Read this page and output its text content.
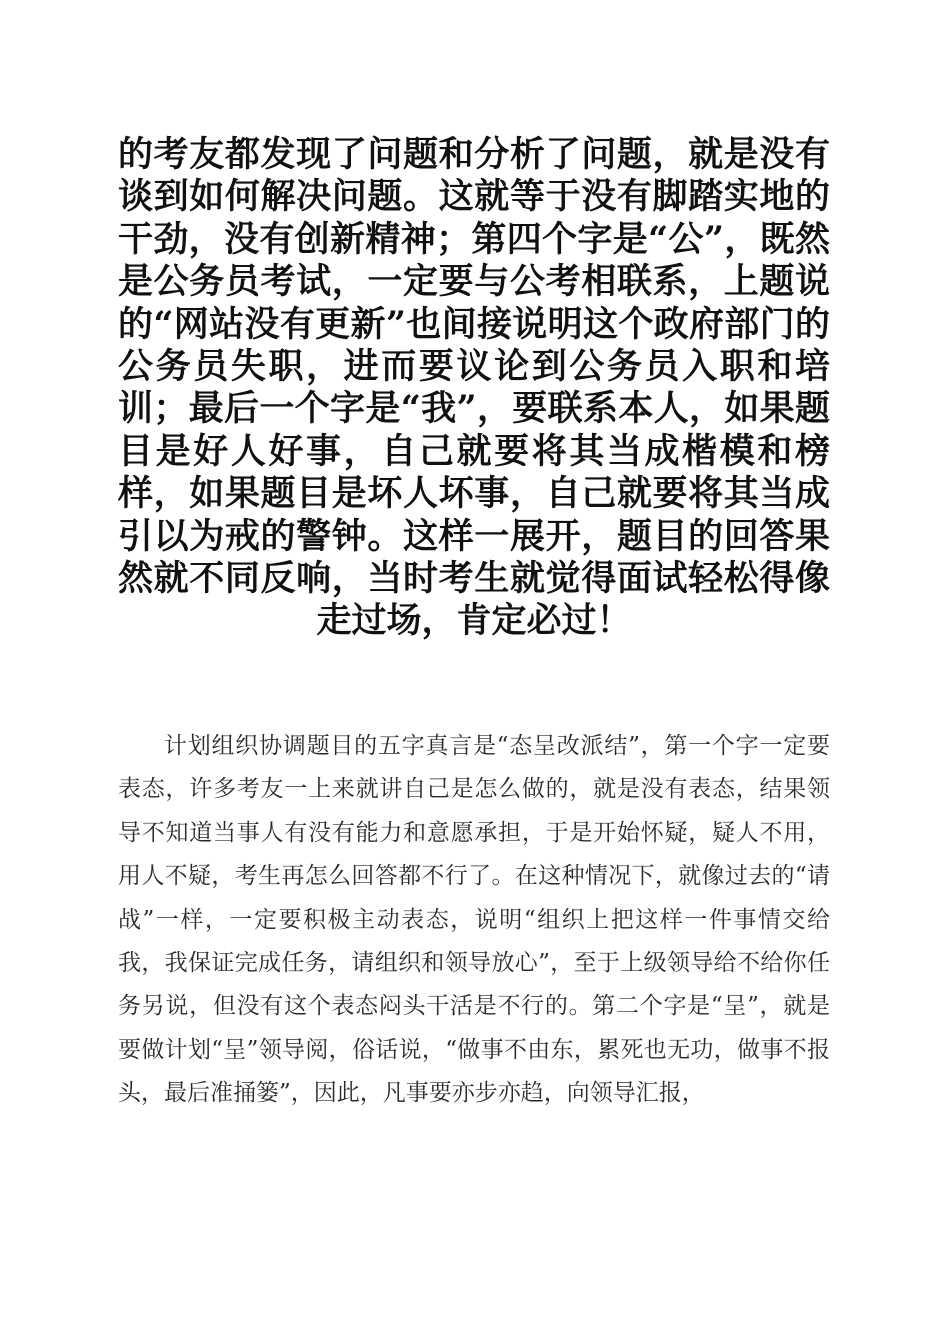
的考友都发现了问题和分析了问题，就是没有谈到如何解决问题。这就等于没有脚踏实地的干劲，没有创新精神；第四个字是“公”，既然是公务员考试，一定要与公考相联系，上题说的“网站没有更新”也间接说明这个政府部门的公务员失职，进而要议论到公务员入职和培训；最后一个字是“我”，要联系本人，如果题目是好人好事，自己就要将其当成楷模和榜样，如果题目是坏人坏事，自己就要将其当成引以为戒的警钟。这样一展开，题目的回答果然就不同反响，当时考生就觉得面试轻松得像走过场，肯定必过！

计划组织协调题目的五字真言是“态呈改派结”，第一个字一定要表态，许多考友一上来就讲自己是怎么做的，就是没有表态，结果领导不知道当事人有没有能力和意愿承担，于是开始怀疑，疑人不用，用人不疑，考生再怎么回答都不行了。在这种情况下，就像过去的“请战”一样，一定要积极主动表态，说明“组织上把这样一件事情交给我，我保证完成任务，请组织和领导放心”，至于上级领导给不给你任务另说，但没有这个表态闷头干活是不行的。第二个字是“呈”，就是要做计划“呈”领导阅，俗话说，“做事不由东，累死也无功，做事不报头，最后准捅篓”，因此，凡事要亦步亦趋，向领导汇报，
